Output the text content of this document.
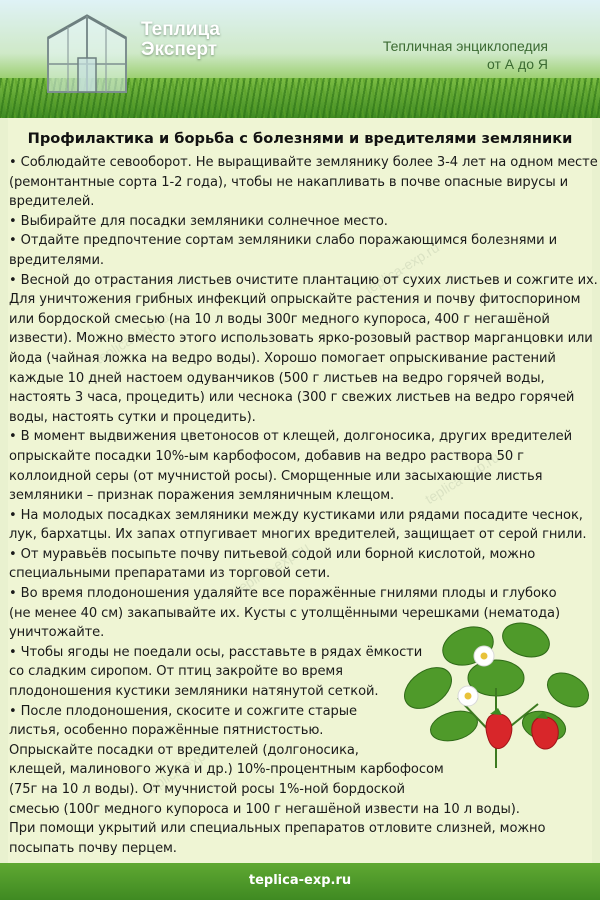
Теплица
Эксперт	Тепличная энциклопедия
от А до Я
Профилактика и борьба с болезнями и вредителями земляники
• Соблюдайте севооборот. Не выращивайте землянику более 3-4 лет на одном месте
(ремонтантные сорта 1-2 года), чтобы не накапливать в почве опасные вирусы и
вредителей.
• Выбирайте для посадки земляники солнечное место.
• Отдайте предпочтение сортам земляники слабо поражающимся болезнями и
вредителями.
• Весной до отрастания листьев очистите плантацию от сухих листьев и сожгите их.
Для уничтожения грибных инфекций опрыскайте растения и почву фитоспорином
или бордоской смесью (на 10 л воды 300г медного купороса, 400 г негашёной
извести). Можно вместо этого использовать ярко-розовый раствор марганцовки или
йода (чайная ложка на ведро воды). Хорошо помогает опрыскивание растений
каждые 10 дней настоем одуванчиков (500 г листьев на ведро горячей воды,
настоять 3 часа, процедить) или чеснока (300 г свежих листьев на ведро горячей
воды, настоять сутки и процедить).
• В момент выдвижения цветоносов от клещей, долгоносика, других вредителей
опрыскайте посадки 10%-ым карбофосом, добавив на ведро раствора 50 г
коллоидной серы (от мучнистой росы). Сморщенные или засыхающие листья
земляники – признак поражения земляничным клещом.
• На молодых посадках земляники между кустиками или рядами посадите чеснок,
лук, бархатцы. Их запах отпугивает многих вредителей, защищает от серой гнили.
• От муравьёв посыпьте почву питьевой содой или борной кислотой, можно
специальными препаратами из торговой сети.
• Во время плодоношения удаляйте все поражённые гнилями плоды и глубоко
(не менее 40 см) закапывайте их. Кусты с утолщёнными черешками (нематода)
уничтожайте.
• Чтобы ягоды не поедали осы, расставьте в рядах ёмкости
со сладким сиропом. От птиц закройте во время
плодоношения кустики земляники натянутой сеткой.
• После плодоношения, скосите и сожгите старые
листья, особенно поражённые пятнистостью.
Опрыскайте посадки от вредителей (долгоносика,
клещей, малинового жука и др.) 10%-процентным карбофосом
(75г на 10 л воды). От мучнистой росы 1%-ной бордоской
смесью (100г медного купороса и 100 г негашёной извести на 10 л воды).
При помощи укрытий или специальных препаратов отловите слизней, можно
посыпать почву перцем.
teplica-exp.ru
